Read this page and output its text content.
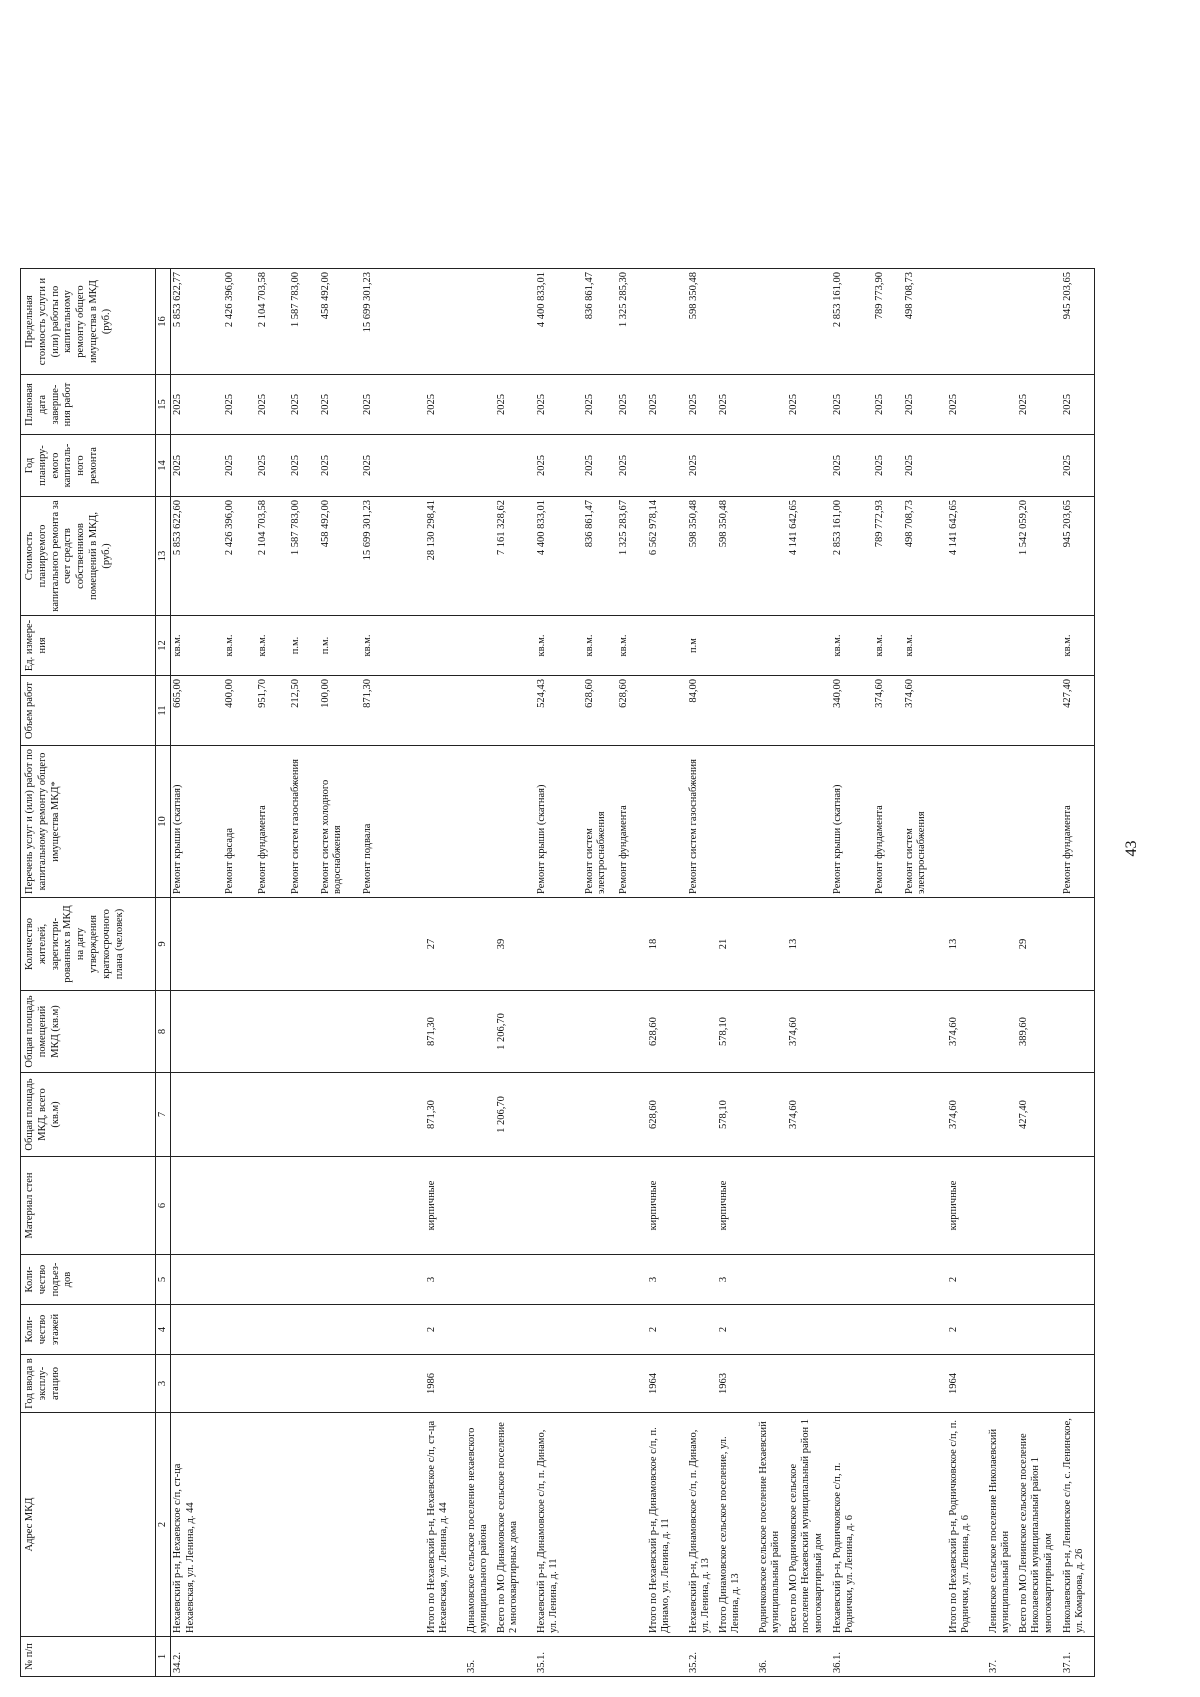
№ п/п	Адрес МКД	Год ввода в эксплу-атацию	Коли-чество этажей	Коли-чество подъез-дов	Материал стен	Общая площадь МКД, всего (кв.м)	Общая площадь помещений МКД (кв.м)	Количество жителей, зарегистри-рованных в МКД на дату утверждения краткосрочного плана (человек)	Перечень услуг и (или) работ по капитальному ремонту общего имущества МКД*	Объем работ	Ед. измере-ния	Стоимость планируемого капитального ремонта за счет средств собственников помещений в МКД, (руб.)	Год планиру-емого капиталь-ного ремонта	Плановая дата заверше-ния работ	Предельная стоимость услуги и (или) работы по капитальному ремонту общего имущества в МКД (руб.)
1	2	3	4	5	6	7	8	9	10	11	12	13	14	15	16
34.2.	Нехаевский р-н, Нехаевское с/п, ст-ца Нехаевская, ул. Ленина, д. 44								Ремонт крыши (скатная)	665,00	кв.м.	5 853 622,60	2025	2025	5 853 622,77
									Ремонт фасада	400,00	кв.м.	2 426 396,00	2025	2025	2 426 396,00
									Ремонт фундамента	951,70	кв.м.	2 104 703,58	2025	2025	2 104 703,58
									Ремонт систем газоснабжения	212,50	п.м.	1 587 783,00	2025	2025	1 587 783,00
									Ремонт систем холодного водоснабжения	100,00	п.м.	458 492,00	2025	2025	458 492,00
									Ремонт подвала	871,30	кв.м.	15 699 301,23	2025	2025	15 699 301,23
	Итого по Нехаевский р-н, Нехаевское с/п, ст-ца Нехаевская, ул. Ленина, д. 44	1986	2	3	кирпичные	871,30	871,30	27				28 130 298,41		2025	
35.	Динамовское сельское поселение нехаевского муниципального района														
	Всего по МО Динамовское сельское поселение 2 многоквартирных дома					1 206,70	1 206,70	39				7 161 328,62		2025	
35.1.	Нехаевский р-н, Динамовское с/п, п. Динамо, ул. Ленина, д. 11								Ремонт крыши (скатная)	524,43	кв.м.	4 400 833,01	2025	2025	4 400 833,01
									Ремонт систем электроснабжения	628,60	кв.м.	836 861,47	2025	2025	836 861,47
									Ремонт фундамента	628,60	кв.м.	1 325 283,67	2025	2025	1 325 285,30
	Итого по Нехаевский р-н, Динамовское с/п, п. Динамо, ул. Ленина, д. 11	1964	2	3	кирпичные	628,60	628,60	18				6 562 978,14		2025	
35.2.	Нехаевский р-н, Динамовское с/п, п. Динамо, ул. Ленина, д. 13								Ремонт систем газоснабжения	84,00	п.м	598 350,48	2025	2025	598 350,48
	Итого Динамовское сельское поселение, ул. Ленина, д. 13	1963	2	3	кирпичные	578,10	578,10	21				598 350,48		2025	
36.	Родничковское сельское поселение Нехаевский муниципальный район														
	Всего по МО Родничковское сельское поселение Нехаевский муниципальный район 1 многоквартирный дом					374,60	374,60	13				4 141 642,65		2025	
36.1.	Нехаевский р-н, Родничковское с/п, п. Роднички, ул. Ленина, д. 6								Ремонт крыши (скатная)	340,00	кв.м.	2 853 161,00	2025	2025	2 853 161,00
									Ремонт фундамента	374,60	кв.м.	789 772,93	2025	2025	789 773,90
									Ремонт систем электроснабжения	374,60	кв.м.	498 708,73	2025	2025	498 708,73
	Итого по Нехаевский р-н, Родничковское с/п, п. Роднички, ул. Ленина, д. 6	1964	2	2	кирпичные	374,60	374,60	13				4 141 642,65		2025	
37.	Ленинское сельское поселение Николаевский муниципальный район														
	Всего по МО Ленинское сельское поселение Николаевский муниципальный район 1 многоквартирный дом					427,40	389,60	29				1 542 059,20		2025	
37.1.	Николаевский р-н, Ленинское с/п, с. Ленинское, ул. Комарова, д. 26								Ремонт фундамента	427,40	кв.м.	945 203,65	2025	2025	945 203,65
43
